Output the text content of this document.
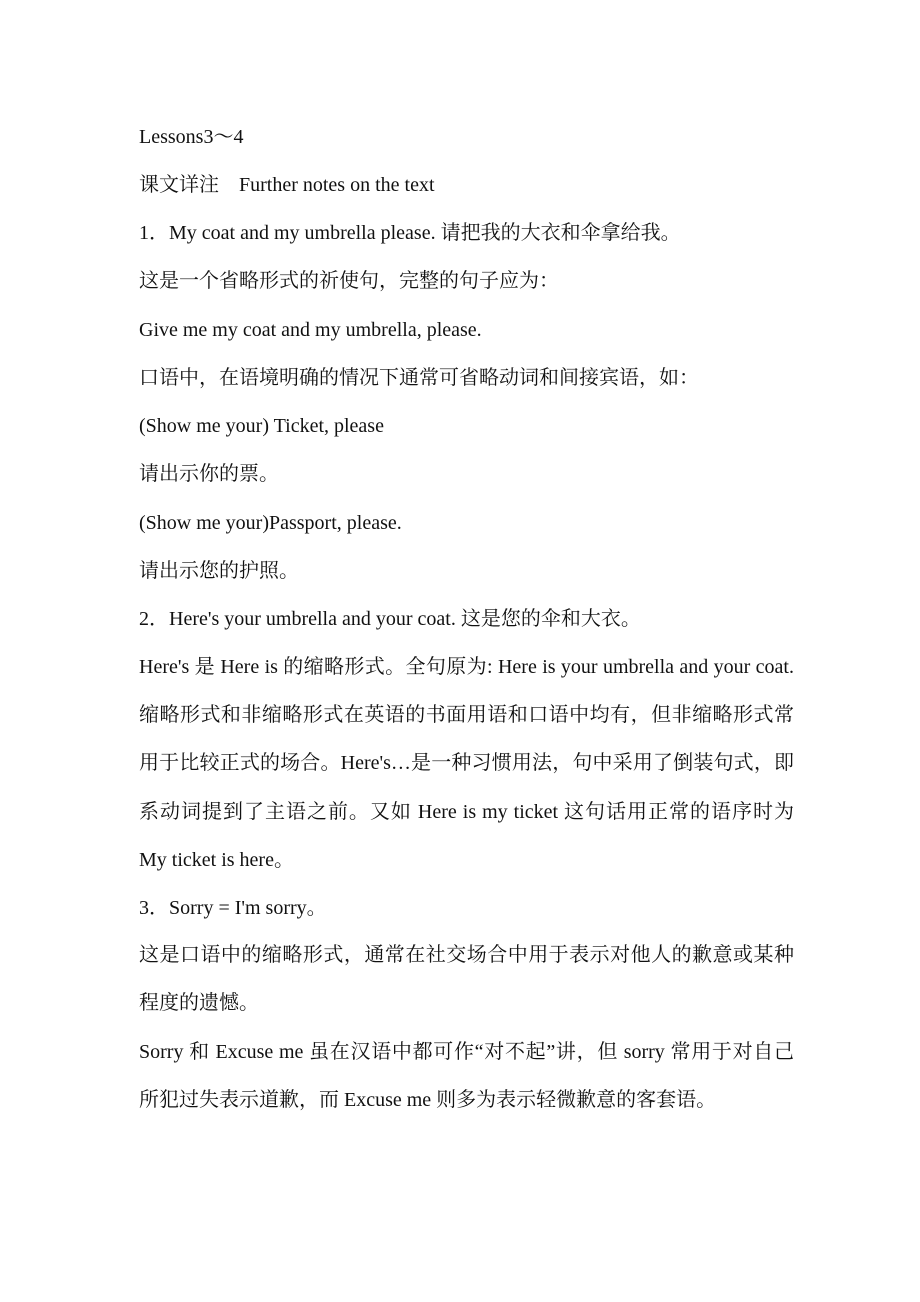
Lessons3～4
课文详注　Further notes on the text
1．My coat and my umbrella please. 请把我的大衣和伞拿给我。
这是一个省略形式的祈使句，完整的句子应为：
Give me my coat and my umbrella, please.
口语中，在语境明确的情况下通常可省略动词和间接宾语，如：
(Show me your) Ticket, please
请出示你的票。
(Show me your)Passport, please.
请出示您的护照。
2．Here's your umbrella and your coat. 这是您的伞和大衣。
Here's 是 Here is 的缩略形式。全句原为: Here is your umbrella and your coat. 缩略形式和非缩略形式在英语的书面用语和口语中均有，但非缩略形式常用于比较正式的场合。Here's…是一种习惯用法，句中采用了倒装句式，即系动词提到了主语之前。又如 Here is my ticket 这句话用正常的语序时为 My ticket is here。
3．Sorry = I'm sorry。
这是口语中的缩略形式，通常在社交场合中用于表示对他人的歉意或某种程度的遗憾。
Sorry 和 Excuse me 虽在汉语中都可作“对不起”讲，但 sorry 常用于对自己所犯过失表示道歉，而 Excuse me 则多为表示轻微歉意的客套语。
